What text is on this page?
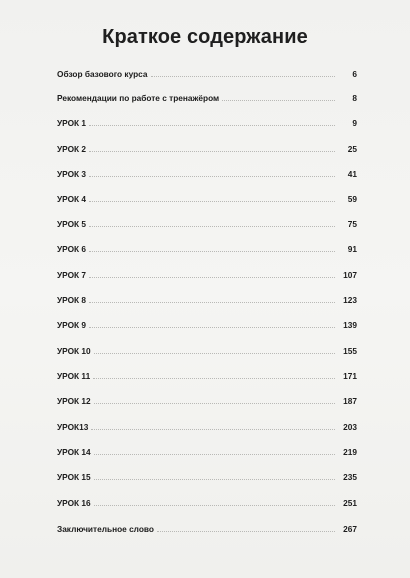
Краткое содержание
Обзор базового курса	6
Рекомендации по работе с тренажёром	8
УРОК 1	9
УРОК 2	25
УРОК 3	41
УРОК 4	59
УРОК 5	75
УРОК 6	91
УРОК 7	107
УРОК 8	123
УРОК 9	139
УРОК 10	155
УРОК 11	171
УРОК 12	187
УРОК13	203
УРОК 14	219
УРОК 15	235
УРОК 16	251
Заключительное слово	267
